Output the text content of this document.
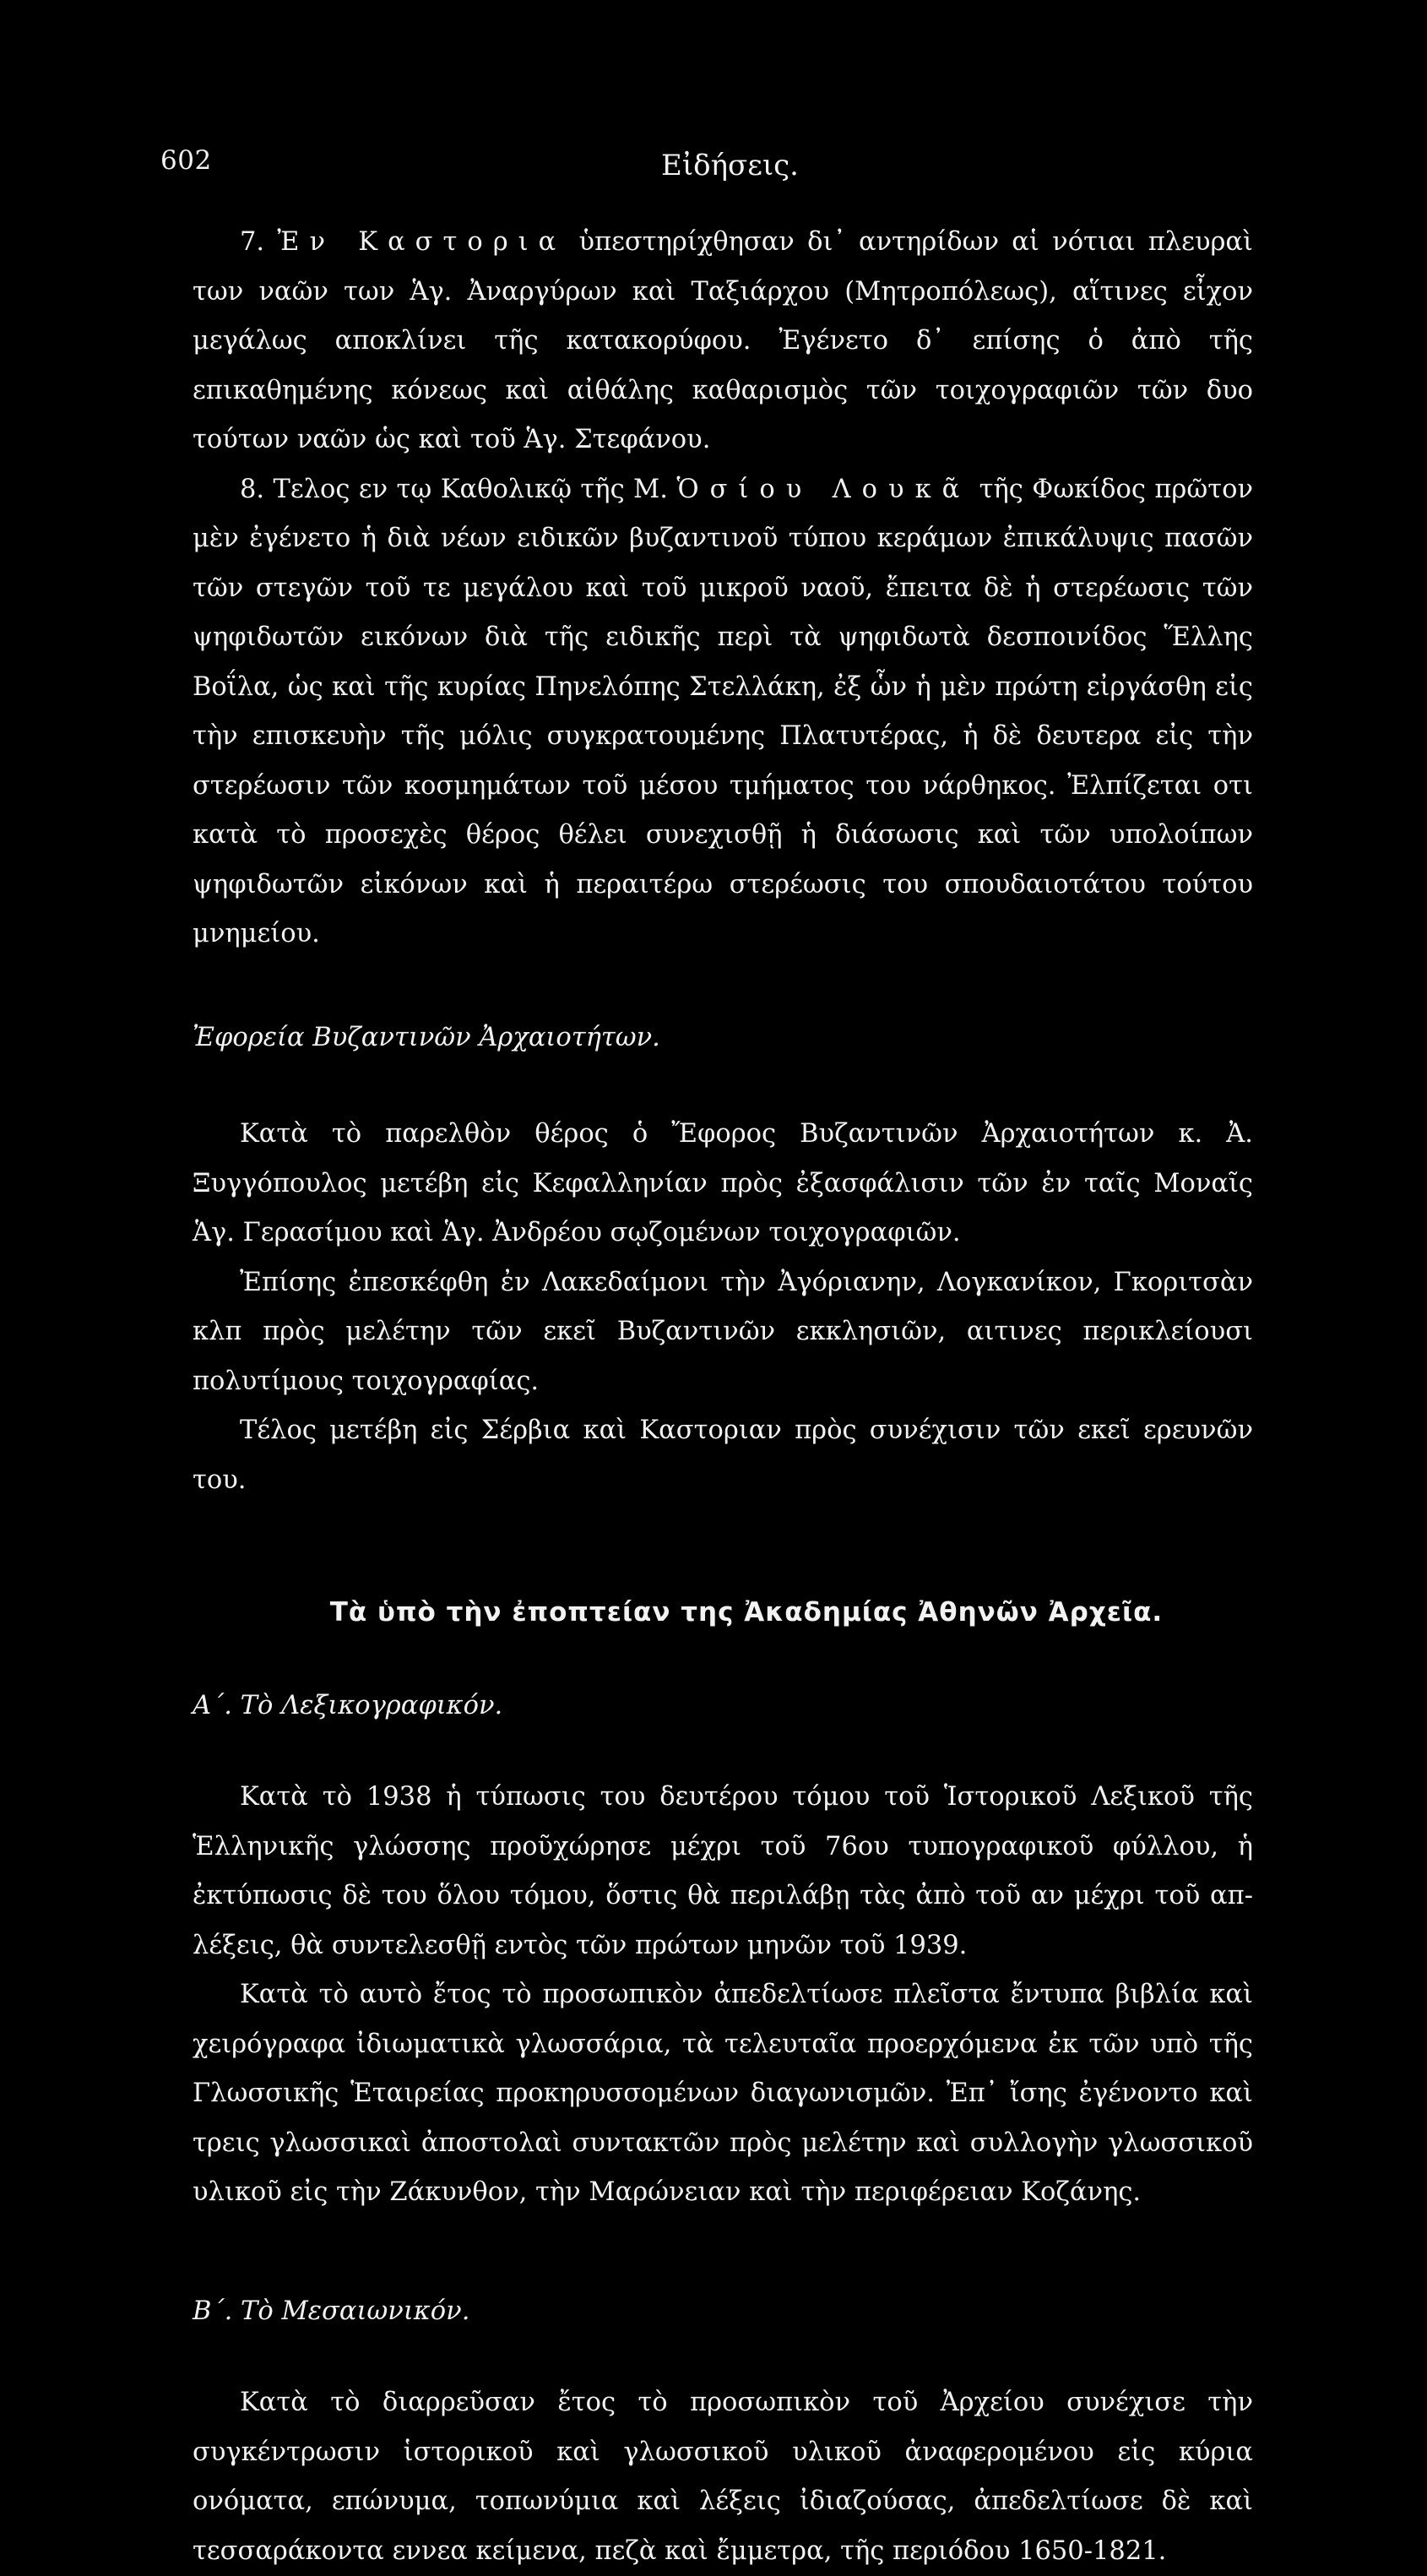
602	Εἰδήσεις.

7. Ἐν Καστορια ὑπεστηρίχθησαν δι᾿ αντηρίδων αἱ νότιαι πλευραὶ των ναῶν των Ἁγ. Ἀναργύρων καὶ Ταξιάρχου (Μητροπόλεως), αἵτινες εἶχον μεγάλως αποκλίνει τῆς κατακορύφου. Ἐγένετο δ᾿ επίσης ὁ ἀπὸ τῆς επικαθημένης κόνεως καὶ αἰθάλης καθαρισμὸς τῶν τοιχογραφιῶν τῶν δυο τούτων ναῶν ὡς καὶ τοῦ Ἁγ. Στεφάνου.

8. Τελος εν τῳ Καθολικῷ τῆς Μ. Ὁσίου Λουκᾶ τῆς Φωκίδος πρῶτον μὲν ἐγένετο ἡ διὰ νέων ειδικῶν βυζαντινοῦ τύπου κεράμων ἐπικάλυψις πασῶν τῶν στεγῶν τοῦ τε μεγάλου καὶ τοῦ μικροῦ ναοῦ, ἔπειτα δὲ ἡ στερέωσις τῶν ψηφιδωτῶν εικόνων διὰ τῆς ειδικῆς περὶ τὰ ψηφιδωτὰ δεσποινίδος Ἕλλης Βοΐλα, ὡς καὶ τῆς κυρίας Πηνελόπης Στελλάκη, ἐξ ὧν ἡ μὲν πρώτη εἰργάσθη εἰς τὴν επισκευὴν τῆς μόλις συγκρατουμένης Πλατυτέρας, ἡ δὲ δευτερα εἰς τὴν στερέωσιν τῶν κοσμημάτων τοῦ μέσου τμήματος του νάρθηκος. Ἐλπίζεται οτι κατὰ τὸ προσεχὲς θέρος θέλει συνεχισθῇ ἡ διάσωσις καὶ τῶν υπολοίπων ψηφιδωτῶν εἰκόνων καὶ ἡ περαιτέρω στερέωσις του σπουδαιοτάτου τούτου μνημείου.

Ἐφορεία Βυζαντινῶν Ἀρχαιοτήτων.

Κατὰ τὸ παρελθὸν θέρος ὁ Ἔφορος Βυζαντινῶν Ἀρχαιοτήτων κ. Ἀ. Ξυγγόπουλος μετέβη εἰς Κεφαλληνίαν πρὸς ἐξασφάλισιν τῶν ἐν ταῖς Μοναῖς Ἁγ. Γερασίμου καὶ Ἁγ. Ἀνδρέου σῳζομένων τοιχογραφιῶν.

Ἐπίσης ἐπεσκέφθη ἐν Λακεδαίμονι τὴν Ἀγόριανην, Λογκανίκον, Γκοριτσὰν κλπ πρὸς μελέτην τῶν εκεῖ Βυζαντινῶν εκκλησιῶν, αιτινες περικλείουσι πολυτίμους τοιχογραφίας.

Τέλος μετέβη εἰς Σέρβια καὶ Καστοριαν πρὸς συνέχισιν τῶν εκεῖ ερευνῶν του.

Τὰ ὑπὸ τὴν ἐποπτείαν της Ἀκαδημίας Ἀθηνῶν Ἀρχεῖα.

Α΄. Τὸ Λεξικογραφικόν.

Κατὰ τὸ 1938 ἡ τύπωσις του δευτέρου τόμου τοῦ Ἱστορικοῦ Λεξικοῦ τῆς Ἑλληνικῆς γλώσσης προῦχώρησε μέχρι τοῦ 76ου τυπογραφικοῦ φύλλου, ἡ ἐκτύπωσις δὲ του ὅλου τόμου, ὅστις θὰ περιλάβῃ τὰς ἀπὸ τοῦ αν μέχρι τοῦ απ- λέξεις, θὰ συντελεσθῇ εντὸς τῶν πρώτων μηνῶν τοῦ 1939.

Κατὰ τὸ αυτὸ ἔτος τὸ προσωπικὸν ἀπεδελτίωσε πλεῖστα ἔντυπα βιβλία καὶ χειρόγραφα ἰδιωματικὰ γλωσσάρια, τὰ τελευταῖα προερχόμενα ἐκ τῶν υπὸ τῆς Γλωσσικῆς Ἑταιρείας προκηρυσσομένων διαγωνισμῶν. Ἐπ᾿ ἴσης ἐγένοντο καὶ τρεις γλωσσικαὶ ἀποστολαὶ συντακτῶν πρὸς μελέτην καὶ συλλογὴν γλωσσικοῦ υλικοῦ εἰς τὴν Ζάκυνθον, τὴν Μαρώνειαν καὶ τὴν περιφέρειαν Κοζάνης.

Β΄. Τὸ Μεσαιωνικόν.

Κατὰ τὸ διαρρεῦσαν ἔτος τὸ προσωπικὸν τοῦ Ἀρχείου συνέχισε τὴν συγκέντρωσιν ἱστορικοῦ καὶ γλωσσικοῦ υλικοῦ ἀναφερομένου εἰς κύρια ονόματα, επώνυμα, τοπωνύμια καὶ λέξεις ἰδιαζούσας, ἀπεδελτίωσε δὲ καὶ τεσσαράκοντα εννεα κείμενα, πεζὰ καὶ ἔμμετρα, τῆς περιόδου 1650-1821.
